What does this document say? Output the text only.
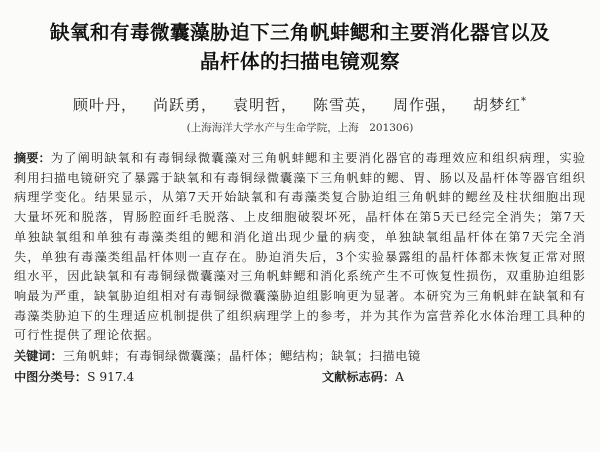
缺氧和有毒微囊藻胁迫下三角帆蚌鳃和主要消化器官以及
晶杆体的扫描电镜观察
顾叶丹， 尚跃勇， 袁明哲， 陈雪英， 周作强， 胡梦红*
(上海海洋大学水产与生命学院，上海　201306)
摘要：为了阐明缺氧和有毒铜绿微囊藻对三角帆蚌鳃和主要消化器官的毒理效应和组织病理，实验利用扫描电镜研究了暴露于缺氧和有毒铜绿微囊藻下三角帆蚌的鳃、胃、肠以及晶杆体等器官组织病理学变化。结果显示，从第7天开始缺氧和有毒藻类复合胁迫组三角帆蚌的鳃丝及柱状细胞出现大量坏死和脱落，胃肠腔面纤毛脱落、上皮细胞破裂坏死，晶杆体在第5天已经完全消失；第7天单独缺氧组和单独有毒藻类组的鳃和消化道出现少量的病变，单独缺氧组晶杆体在第7天完全消失，单独有毒藻类组晶杆体则一直存在。胁迫消失后，3个实验暴露组的晶杆体都未恢复正常对照组水平，因此缺氧和有毒铜绿微囊藻对三角帆蚌鳃和消化系统产生不可恢复性损伤，双重胁迫组影响最为严重，缺氧胁迫组相对有毒铜绿微囊藻胁迫组影响更为显著。本研究为三角帆蚌在缺氧和有毒藻类胁迫下的生理适应机制提供了组织病理学上的参考，并为其作为富营养化水体治理工具种的可行性提供了理论依据。
关键词：三角帆蚌；有毒铜绿微囊藻；晶杆体；鳃结构；缺氧；扫描电镜
中图分类号：S 917.4	文献标志码：A
